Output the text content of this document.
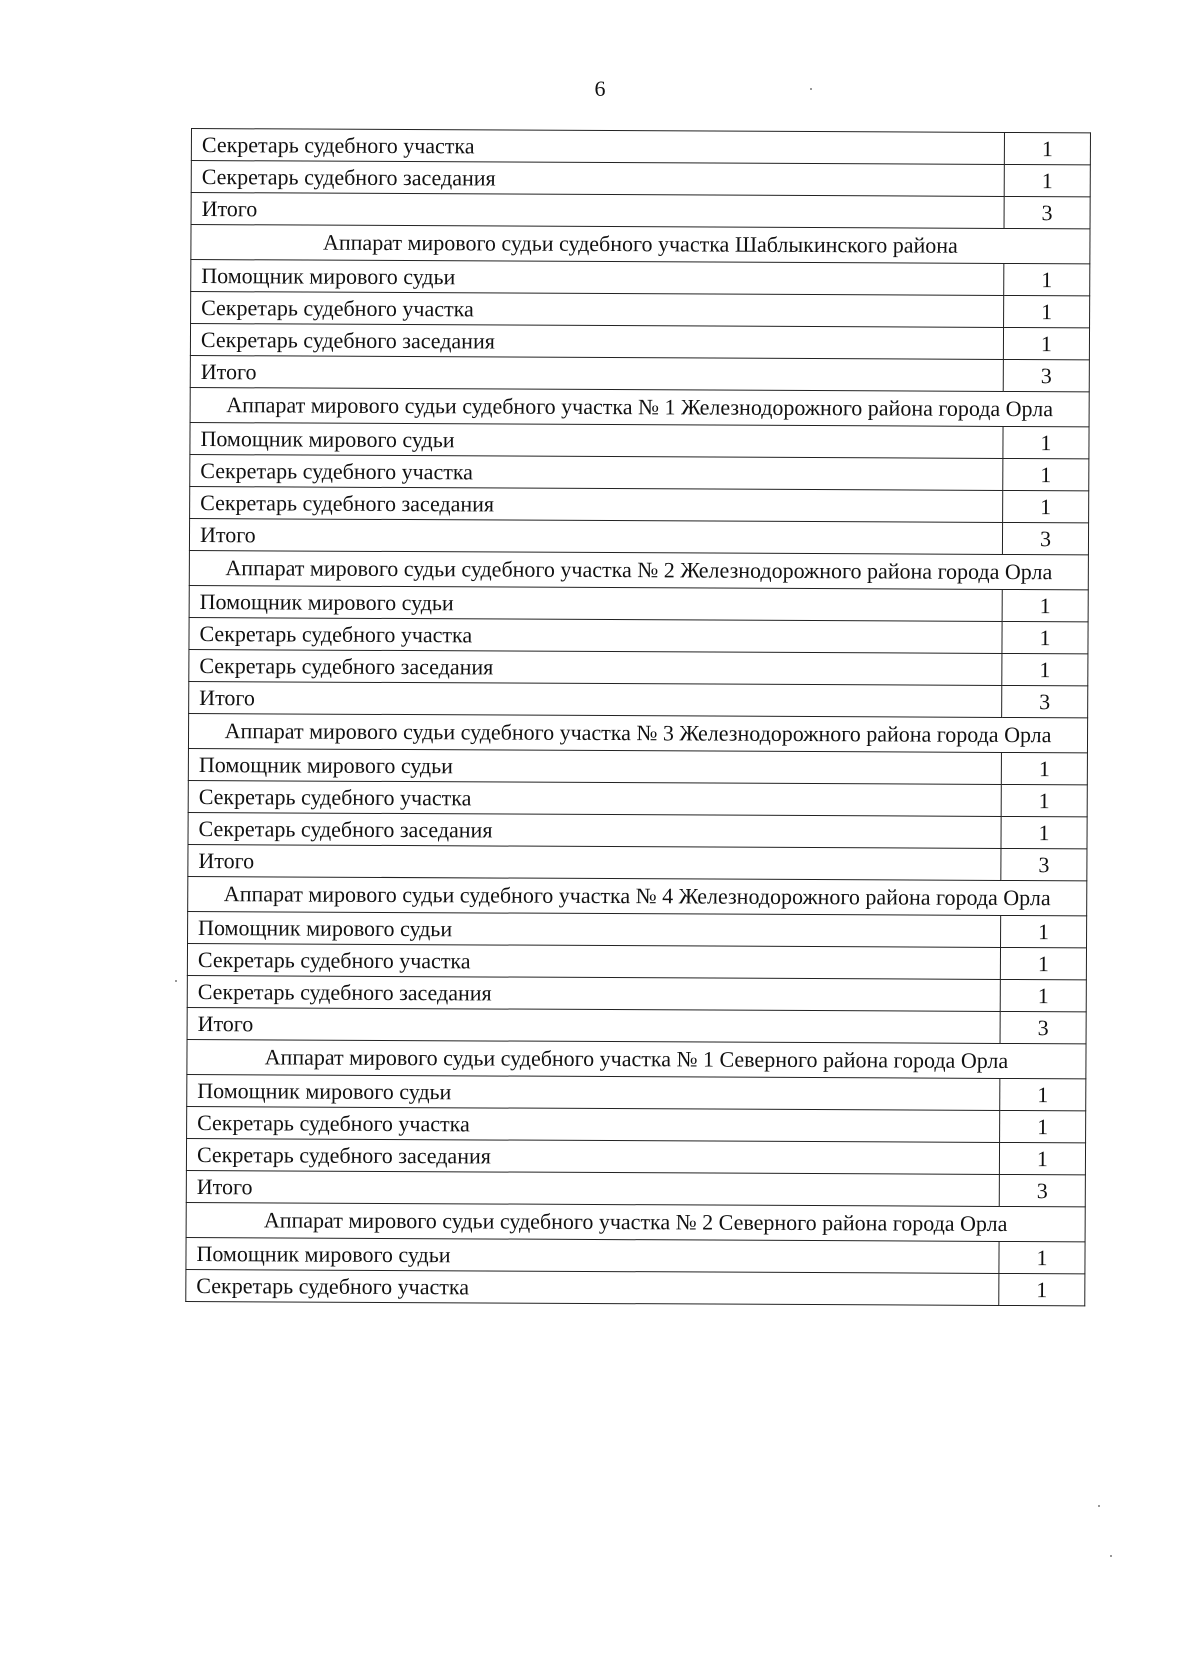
6
Секретарь судебного участка	1
Секретарь судебного заседания	1
Итого	3
Аппарат мирового судьи судебного участка Шаблыкинского района	
Помощник мирового судьи	1
Секретарь судебного участка	1
Секретарь судебного заседания	1
Итого	3
Аппарат мирового судьи судебного участка № 1 Железнодорожного района города Орла	
Помощник мирового судьи	1
Секретарь судебного участка	1
Секретарь судебного заседания	1
Итого	3
Аппарат мирового судьи судебного участка № 2 Железнодорожного района города Орла	
Помощник мирового судьи	1
Секретарь судебного участка	1
Секретарь судебного заседания	1
Итого	3
Аппарат мирового судьи судебного участка № 3 Железнодорожного района города Орла	
Помощник мирового судьи	1
Секретарь судебного участка	1
Секретарь судебного заседания	1
Итого	3
Аппарат мирового судьи судебного участка № 4 Железнодорожного района города Орла	
Помощник мирового судьи	1
Секретарь судебного участка	1
Секретарь судебного заседания	1
Итого	3
Аппарат мирового судьи судебного участка № 1 Северного района города Орла	
Помощник мирового судьи	1
Секретарь судебного участка	1
Секретарь судебного заседания	1
Итого	3
Аппарат мирового судьи судебного участка № 2 Северного района города Орла	
Помощник мирового судьи	1
Секретарь судебного участка	1
